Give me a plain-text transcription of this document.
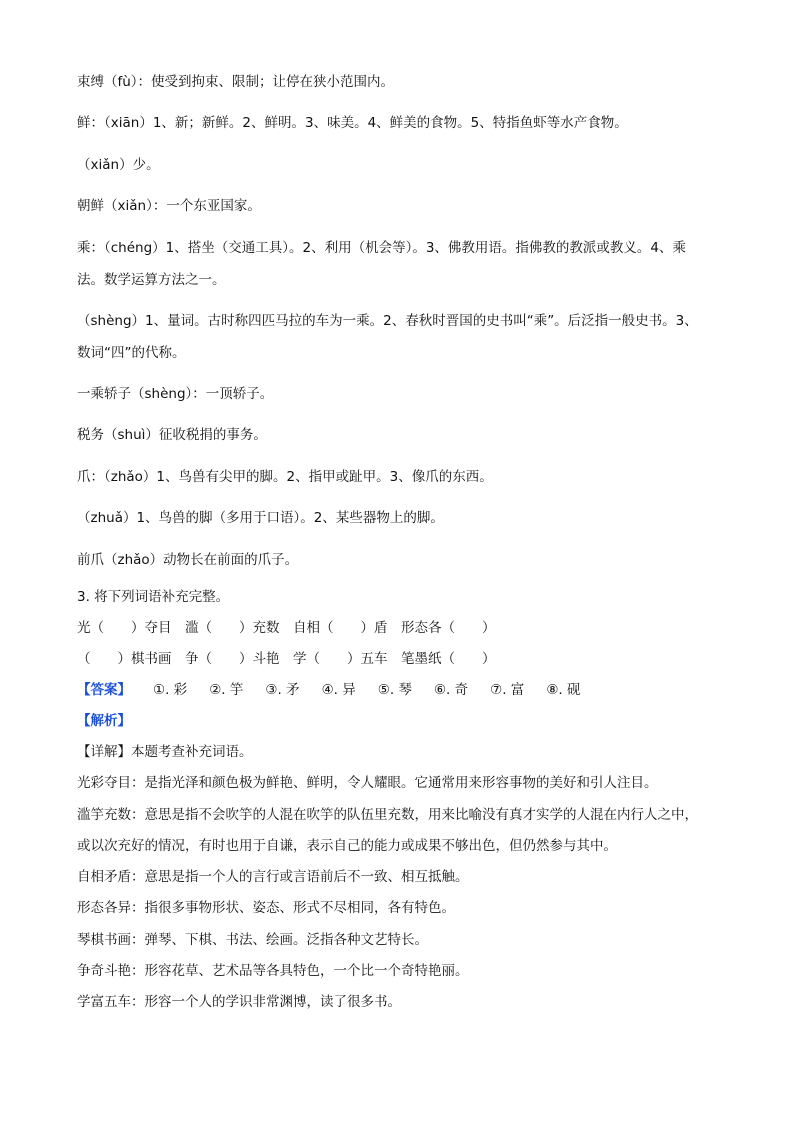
束缚（fù）：使受到拘束、限制；让停在狭小范围内。
鲜：（xiān）1、新；新鲜。2、鲜明。3、味美。4、鲜美的食物。5、特指鱼虾等水产食物。
（xiǎn）少。
朝鲜（xiǎn）：一个东亚国家。
乘：（chéng）1、搭坐（交通工具）。2、利用（机会等）。3、佛教用语。指佛教的教派或教义。4、乘
法。数学运算方法之一。
（shèng）1、量词。古时称四匹马拉的车为一乘。2、春秋时晋国的史书叫“乘”。后泛指一般史书。3、
数词“四”的代称。
一乘轿子（shèng）：一顶轿子。
税务（shuì）征收税捐的事务。
爪：（zhǎo）1、鸟兽有尖甲的脚。2、指甲或趾甲。3、像爪的东西。
（zhuǎ）1、鸟兽的脚（多用于口语）。2、某些器物上的脚。
前爪（zhǎo）动物长在前面的爪子。
3. 将下列词语补充完整。
光（　　）夺目　滥（　　）充数　自相（　　）盾　形态各（　　）
（　　）棋书画　争（　　）斗艳　学（　　）五车　笔墨纸（　　）
【答案】 ①. 彩 ②. 竽 ③. 矛 ④. 异 ⑤. 琴 ⑥. 奇 ⑦. 富 ⑧. 砚
【解析】
【详解】本题考查补充词语。
光彩夺目：是指光泽和颜色极为鲜艳、鲜明，令人耀眼。它通常用来形容事物的美好和引人注目。
滥竽充数：意思是指不会吹竽的人混在吹竽的队伍里充数，用来比喻没有真才实学的人混在内行人之中，
或以次充好的情况，有时也用于自谦，表示自己的能力或成果不够出色，但仍然参与其中。
自相矛盾：意思是指一个人的言行或言语前后不一致、相互抵触。
形态各异：指很多事物形状、姿态、形式不尽相同，各有特色。
琴棋书画：弹琴、下棋、书法、绘画。泛指各种文艺特长。
争奇斗艳：形容花草、艺术品等各具特色，一个比一个奇特艳丽。
学富五车：形容一个人的学识非常渊博，读了很多书。
